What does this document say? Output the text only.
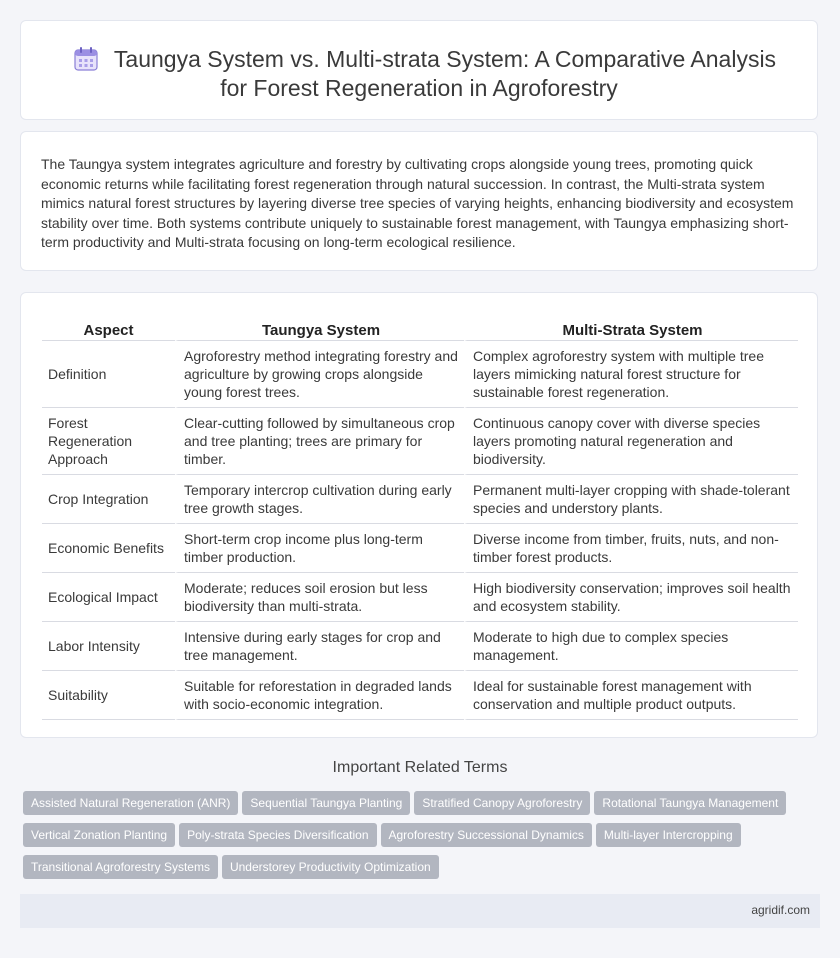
Taungya System vs. Multi-strata System: A Comparative Analysis for Forest Regeneration in Agroforestry

The Taungya system integrates agriculture and forestry by cultivating crops alongside young trees, promoting quick economic returns while facilitating forest regeneration through natural succession. In contrast, the Multi-strata system mimics natural forest structures by layering diverse tree species of varying heights, enhancing biodiversity and ecosystem stability over time. Both systems contribute uniquely to sustainable forest management, with Taungya emphasizing short-term productivity and Multi-strata focusing on long-term ecological resilience.

Aspect	Taungya System	Multi-Strata System
Definition	Agroforestry method integrating forestry and agriculture by growing crops alongside young forest trees.	Complex agroforestry system with multiple tree layers mimicking natural forest structure for sustainable forest regeneration.
Forest Regeneration Approach	Clear-cutting followed by simultaneous crop and tree planting; trees are primary for timber.	Continuous canopy cover with diverse species layers promoting natural regeneration and biodiversity.
Crop Integration	Temporary intercrop cultivation during early tree growth stages.	Permanent multi-layer cropping with shade-tolerant species and understory plants.
Economic Benefits	Short-term crop income plus long-term timber production.	Diverse income from timber, fruits, nuts, and non-timber forest products.
Ecological Impact	Moderate; reduces soil erosion but less biodiversity than multi-strata.	High biodiversity conservation; improves soil health and ecosystem stability.
Labor Intensity	Intensive during early stages for crop and tree management.	Moderate to high due to complex species management.
Suitability	Suitable for reforestation in degraded lands with socio-economic integration.	Ideal for sustainable forest management with conservation and multiple product outputs.
Important Related Terms
Assisted Natural Regeneration (ANR) Sequential Taungya Planting Stratified Canopy Agroforestry Rotational Taungya ManagementVertical Zonation Planting Poly-strata Species Diversification Agroforestry Successional Dynamics Multi-layer IntercroppingTransitional Agroforestry Systems Understorey Productivity Optimization
agridif.com
